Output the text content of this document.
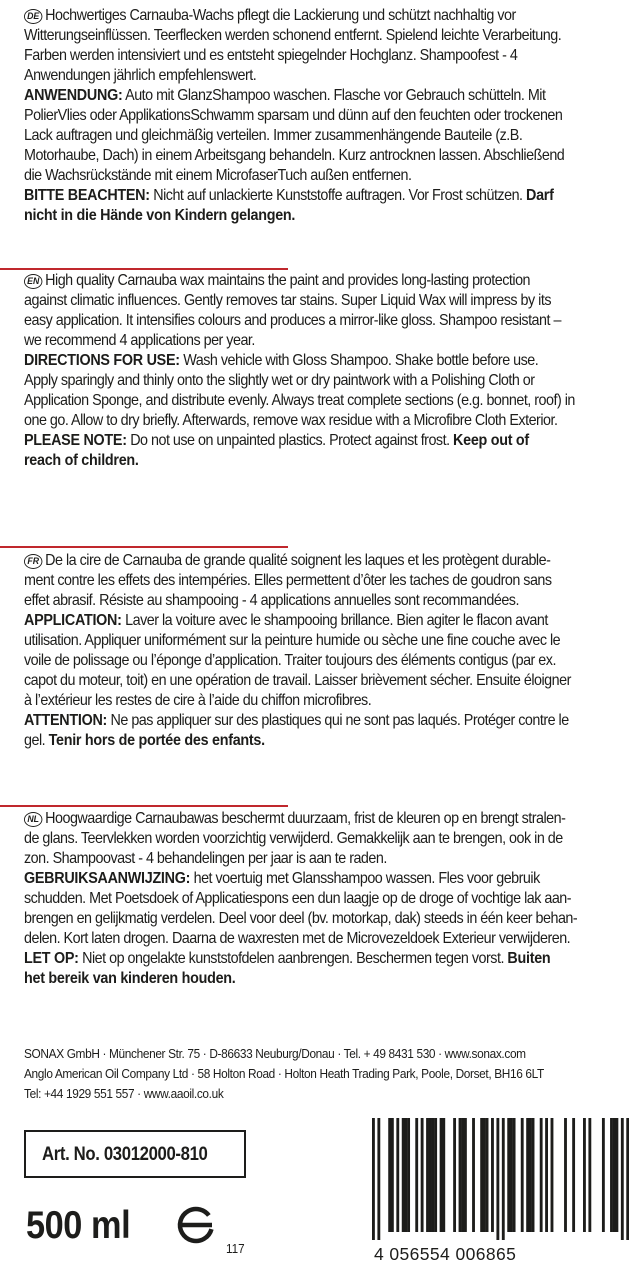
DE Hochwertiges Carnauba-Wachs pflegt die Lackierung und schützt nachhaltig vor
Witterungseinflüssen. Teerflecken werden schonend entfernt. Spielend leichte Verarbeitung.
Farben werden intensiviert und es entsteht spiegelnder Hochglanz. Shampoofest - 4
Anwendungen jährlich empfehlenswert.
ANWENDUNG: Auto mit GlanzShampoo waschen. Flasche vor Gebrauch schütteln. Mit
PolierVlies oder ApplikationsSchwamm sparsam und dünn auf den feuchten oder trockenen
Lack auftragen und gleichmäßig verteilen. Immer zusammenhängende Bauteile (z.B.
Motorhaube, Dach) in einem Arbeitsgang behandeln. Kurz antrocknen lassen. Abschließend
die Wachsrückstände mit einem MicrofaserTuch außen entfernen.
BITTE BEACHTEN: Nicht auf unlackierte Kunststoffe auftragen. Vor Frost schützen. Darf
nicht in die Hände von Kindern gelangen.

EN High quality Carnauba wax maintains the paint and provides long-lasting protection
against climatic influences. Gently removes tar stains. Super Liquid Wax will impress by its
easy application. It intensifies colours and produces a mirror-like gloss. Shampoo resistant –
we recommend 4 applications per year.
DIRECTIONS FOR USE: Wash vehicle with Gloss Shampoo. Shake bottle before use.
Apply sparingly and thinly onto the slightly wet or dry paintwork with a Polishing Cloth or
Application Sponge, and distribute evenly. Always treat complete sections (e.g. bonnet, roof) in
one go. Allow to dry briefly. Afterwards, remove wax residue with a Microfibre Cloth Exterior.
PLEASE NOTE: Do not use on unpainted plastics. Protect against frost. Keep out of
reach of children.

FR De la cire de Carnauba de grande qualité soignent les laques et les protègent durable-
ment contre les effets des intempéries. Elles permettent d’ôter les taches de goudron sans
effet abrasif. Résiste au shampooing - 4 applications annuelles sont recommandées.
APPLICATION: Laver la voiture avec le shampooing brillance. Bien agiter le flacon avant
utilisation. Appliquer uniformément sur la peinture humide ou sèche une fine couche avec le
voile de polissage ou l’éponge d’application. Traiter toujours des éléments contigus (par ex.
capot du moteur, toit) en une opération de travail. Laisser brièvement sécher. Ensuite éloigner
à l’extérieur les restes de cire à l’aide du chiffon microfibres.
ATTENTION: Ne pas appliquer sur des plastiques qui ne sont pas laqués. Protéger contre le
gel. Tenir hors de portée des enfants.

NL Hoogwaardige Carnaubawas beschermt duurzaam, frist de kleuren op en brengt stralen-
de glans. Teervlekken worden voorzichtig verwijderd. Gemakkelijk aan te brengen, ook in de
zon. Shampoovast - 4 behandelingen per jaar is aan te raden.
GEBRUIKSAANWIJZING: het voertuig met Glansshampoo wassen. Fles voor gebruik
schudden. Met Poetsdoek of Applicatiespons een dun laagje op de droge of vochtige lak aan-
brengen en gelijkmatig verdelen. Deel voor deel (bv. motorkap, dak) steeds in één keer behan-
delen. Kort laten drogen. Daarna de waxresten met de Microvezeldoek Exterieur verwijderen.
LET OP: Niet op ongelakte kunststofdelen aanbrengen. Beschermen tegen vorst. Buiten
het bereik van kinderen houden.

SONAX GmbH · Münchener Str. 75 · D-86633 Neuburg/Donau · Tel. + 49 8431 530 · www.sonax.com
Anglo American Oil Company Ltd · 58 Holton Road · Holton Heath Trading Park, Poole, Dorset, BH16 6LT
Tel: +44 1929 551 557 · www.aaoil.co.uk
Art. No. 03012000-810
500 ml
117	4 056554 006865
